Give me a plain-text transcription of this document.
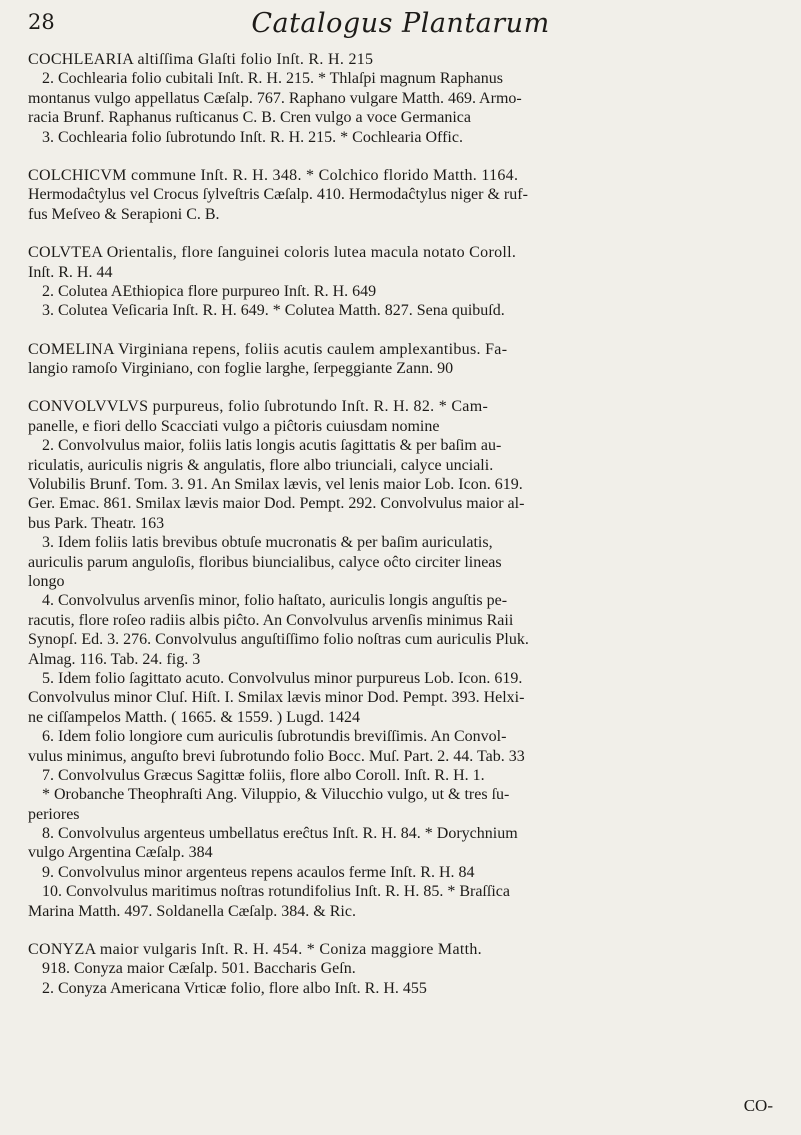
28	Catalogus Plantarum
COCHLEARIA altiſſima Glaſti folio Inſt. R. H. 215
2. Cochlearia folio cubitali Inſt. R. H. 215. * Thlaſpi magnum Raphanus
montanus vulgo appellatus Cæſalp. 767. Raphano vulgare Matth. 469. Armo-
racia Brunf. Raphanus ruſticanus C. B. Cren vulgo a voce Germanica
3. Cochlearia folio ſubrotundo Inſt. R. H. 215. * Cochlearia Offic.
COLCHICVM commune Inſt. R. H. 348. * Colchico florido Matth. 1164.
Hermodaĉtylus vel Crocus ſylveſtris Cæſalp. 410. Hermodaĉtylus niger & ruf-
fus Meſveo & Serapioni C. B.
COLVTEA Orientalis, flore ſanguinei coloris lutea macula notato Coroll.
Inſt. R. H. 44
2. Colutea AEthiopica flore purpureo Inſt. R. H. 649
3. Colutea Veſicaria Inſt. R. H. 649. * Colutea Matth. 827. Sena quibuſd.
COMELINA Virginiana repens, foliis acutis caulem amplexantibus. Fa-
langio ramoſo Virginiano, con foglie larghe, ſerpeggiante Zann. 90
CONVOLVVLVS purpureus, folio ſubrotundo Inſt. R. H. 82. * Cam-
panelle, e fiori dello Scacciati vulgo a piĉtoris cuiusdam nomine
2. Convolvulus maior, foliis latis longis acutis ſagittatis & per baſim au-
riculatis, auriculis nigris & angulatis, flore albo triunciali, calyce unciali.
Volubilis Brunf. Tom. 3. 91. An Smilax lævis, vel lenis maior Lob. Icon. 619.
Ger. Emac. 861. Smilax lævis maior Dod. Pempt. 292. Convolvulus maior al-
bus Park. Theatr. 163
3. Idem foliis latis brevibus obtuſe mucronatis & per baſim auriculatis,
auriculis parum anguloſis, floribus biuncialibus, calyce oĉto circiter lineas
longo
4. Convolvulus arvenſis minor, folio haſtato, auriculis longis anguſtis pe-
racutis, flore roſeo radiis albis piĉto. An Convolvulus arvenſis minimus Raii
Synopſ. Ed. 3. 276. Convolvulus anguſtiſſimo folio noſtras cum auriculis Pluk.
Almag. 116. Tab. 24. fig. 3
5. Idem folio ſagittato acuto. Convolvulus minor purpureus Lob. Icon. 619.
Convolvulus minor Cluſ. Hiſt. I. Smilax lævis minor Dod. Pempt. 393. Helxi-
ne ciſſampelos Matth. ( 1665. & 1559. ) Lugd. 1424
6. Idem folio longiore cum auriculis ſubrotundis breviſſimis. An Convol-
vulus minimus, anguſto brevi ſubrotundo folio Bocc. Muſ. Part. 2. 44. Tab. 33
7. Convolvulus Græcus Sagittæ foliis, flore albo Coroll. Inſt. R. H. 1.
* Orobanche Theophraſti Ang. Viluppio, & Vilucchio vulgo, ut & tres ſu-
periores
8. Convolvulus argenteus umbellatus ereĉtus Inſt. R. H. 84. * Dorychnium
vulgo Argentina Cæſalp. 384
9. Convolvulus minor argenteus repens acaulos ferme Inſt. R. H. 84
10. Convolvulus maritimus noſtras rotundifolius Inſt. R. H. 85. * Braſſica
Marina Matth. 497. Soldanella Cæſalp. 384. & Ric.
CONYZA maior vulgaris Inſt. R. H. 454. * Coniza maggiore Matth.
918. Conyza maior Cæſalp. 501. Baccharis Geſn.
2. Conyza Americana Vrticæ folio, flore albo Inſt. R. H. 455
CO-
